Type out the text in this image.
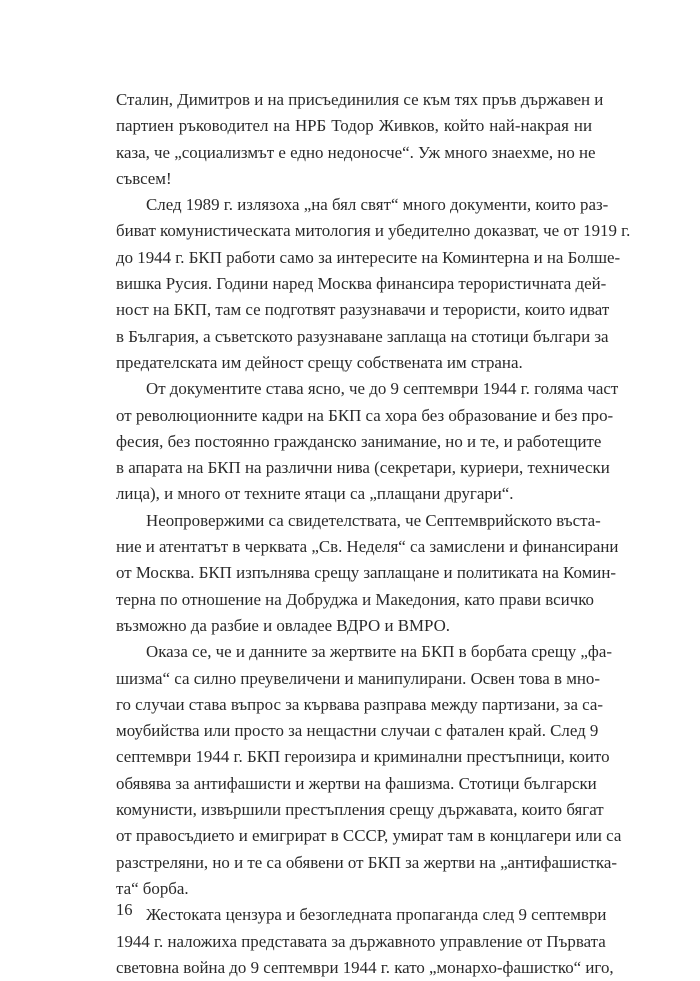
Сталин, Димитров и на присъединилия се към тях пръв държавен и
партиен ръководител на НРБ Тодор Живков, който най-накрая ни
каза, че „социализмът е едно недоносче“. Уж много знаехме, но не
съвсем!
След 1989 г. излязоха „на бял свят“ много документи, които раз-
биват комунистическата митология и убедително доказват, че от 1919 г.
до 1944 г. БКП работи само за интересите на Коминтерна и на Болше-
вишка Русия. Години наред Москва финансира терористичната дей-
ност на БКП, там се подготвят разузнавачи и терористи, които идват
в България, а съветското разузнаване заплаща на стотици българи за
предателската им дейност срещу собствената им страна.
От документите става ясно, че до 9 септември 1944 г. голяма част
от революционните кадри на БКП са хора без образование и без про-
фесия, без постоянно гражданско занимание, но и те, и работещите
в апарата на БКП на различни нива (секретари, куриери, технически
лица), и много от техните ятаци са „плащани другари“.
Неопровержими са свидетелствата, че Септемврийското въста-
ние и атентатът в черквата „Св. Неделя“ са замислени и финансирани
от Москва. БКП изпълнява срещу заплащане и политиката на Комин-
терна по отношение на Добруджа и Македония, като прави всичко
възможно да разбие и овладее ВДРО и ВМРО.
Оказа се, че и данните за жертвите на БКП в борбата срещу „фа-
шизма“ са силно преувеличени и манипулирани. Освен това в мно-
го случаи става въпрос за кървава разправа между партизани, за са-
моубийства или просто за нещастни случаи с фатален край. След 9
септември 1944 г. БКП героизира и криминални престъпници, които
обявява за антифашисти и жертви на фашизма. Стотици български
комунисти, извършили престъпления срещу държавата, които бягат
от правосъдието и емигрират в СССР, умират там в концлагери или са
разстреляни, но и те са обявени от БКП за жертви на „антифашистка-
та“ борба.
Жестоката цензура и безогледната пропаганда след 9 септември
1944 г. наложиха представата за държавното управление от Първата
световна война до 9 септември 1944 г. като „монархо-фашистко“ иго,
16
